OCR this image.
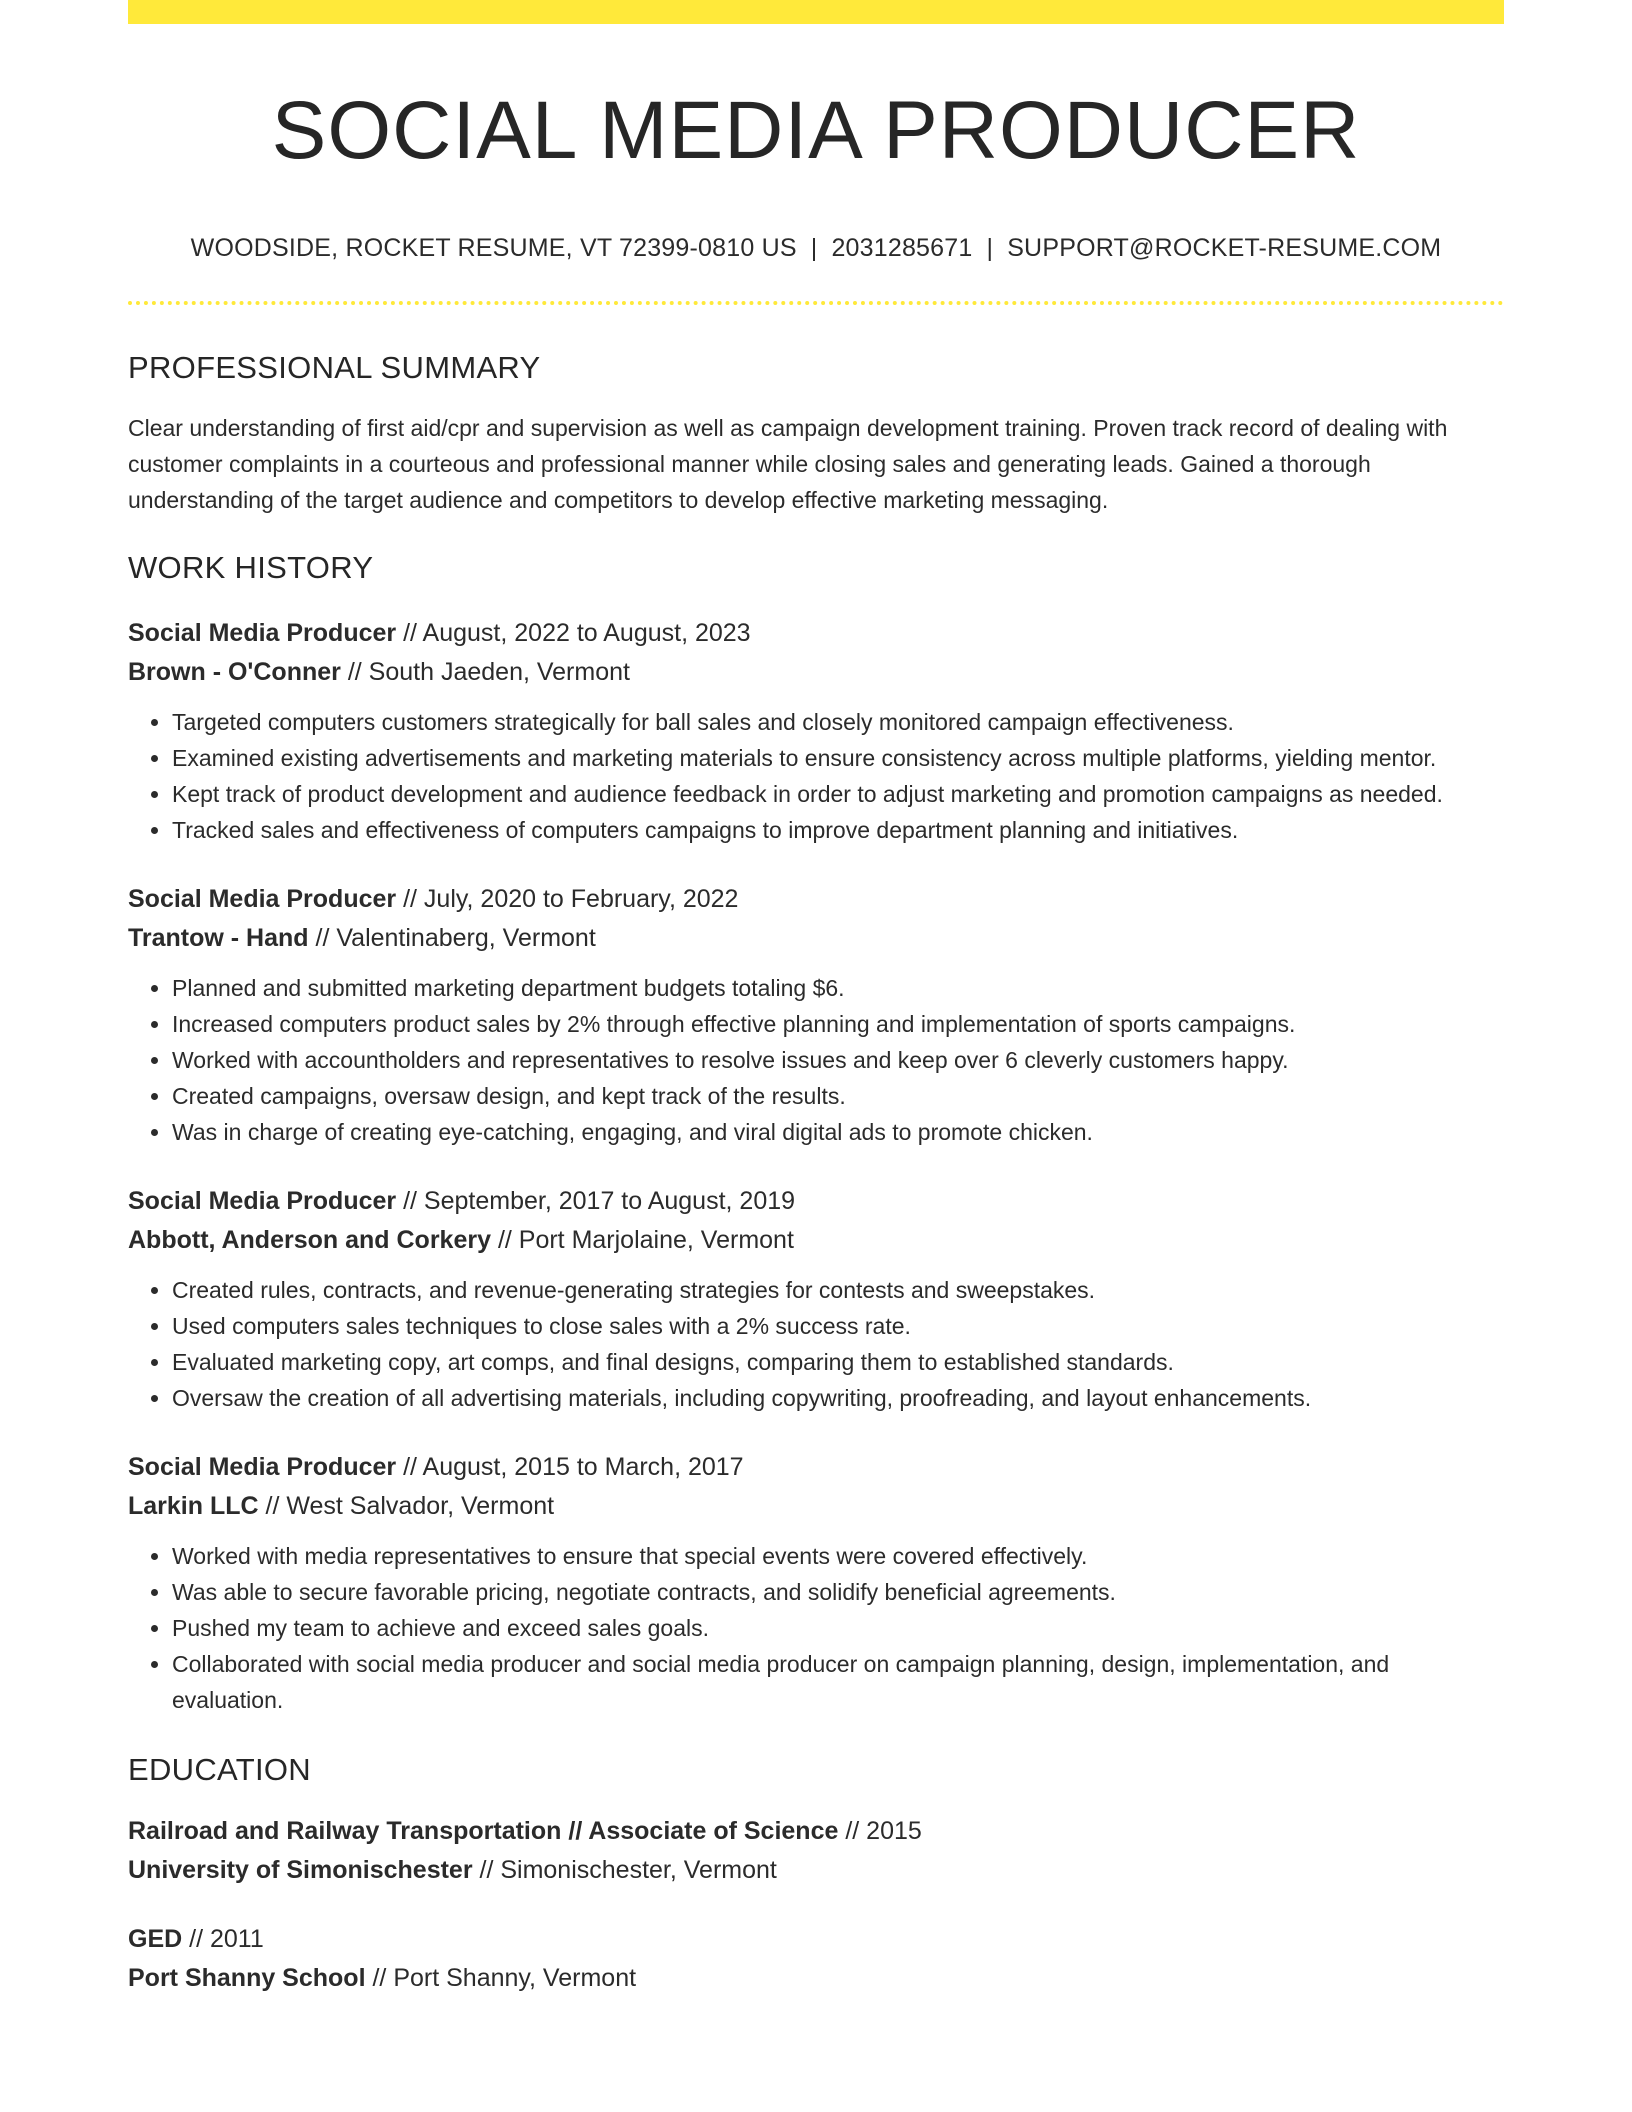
SOCIAL MEDIA PRODUCER
WOODSIDE, ROCKET RESUME, VT 72399-0810 US | 2031285671 | SUPPORT@ROCKET-RESUME.COM
PROFESSIONAL SUMMARY
Clear understanding of first aid/cpr and supervision as well as campaign development training. Proven track record of dealing with customer complaints in a courteous and professional manner while closing sales and generating leads. Gained a thorough understanding of the target audience and competitors to develop effective marketing messaging.
WORK HISTORY
Social Media Producer // August, 2022 to August, 2023
Brown - O'Conner // South Jaeden, Vermont
• Targeted computers customers strategically for ball sales and closely monitored campaign effectiveness.
• Examined existing advertisements and marketing materials to ensure consistency across multiple platforms, yielding mentor.
• Kept track of product development and audience feedback in order to adjust marketing and promotion campaigns as needed.
• Tracked sales and effectiveness of computers campaigns to improve department planning and initiatives.
Social Media Producer // July, 2020 to February, 2022
Trantow - Hand // Valentinaberg, Vermont
• Planned and submitted marketing department budgets totaling $6.
• Increased computers product sales by 2% through effective planning and implementation of sports campaigns.
• Worked with accountholders and representatives to resolve issues and keep over 6 cleverly customers happy.
• Created campaigns, oversaw design, and kept track of the results.
• Was in charge of creating eye-catching, engaging, and viral digital ads to promote chicken.
Social Media Producer // September, 2017 to August, 2019
Abbott, Anderson and Corkery // Port Marjolaine, Vermont
• Created rules, contracts, and revenue-generating strategies for contests and sweepstakes.
• Used computers sales techniques to close sales with a 2% success rate.
• Evaluated marketing copy, art comps, and final designs, comparing them to established standards.
• Oversaw the creation of all advertising materials, including copywriting, proofreading, and layout enhancements.
Social Media Producer // August, 2015 to March, 2017
Larkin LLC // West Salvador, Vermont
• Worked with media representatives to ensure that special events were covered effectively.
• Was able to secure favorable pricing, negotiate contracts, and solidify beneficial agreements.
• Pushed my team to achieve and exceed sales goals.
• Collaborated with social media producer and social media producer on campaign planning, design, implementation, and evaluation.
EDUCATION
Railroad and Railway Transportation // Associate of Science // 2015
University of Simonischester // Simonischester, Vermont
GED // 2011
Port Shanny School // Port Shanny, Vermont
